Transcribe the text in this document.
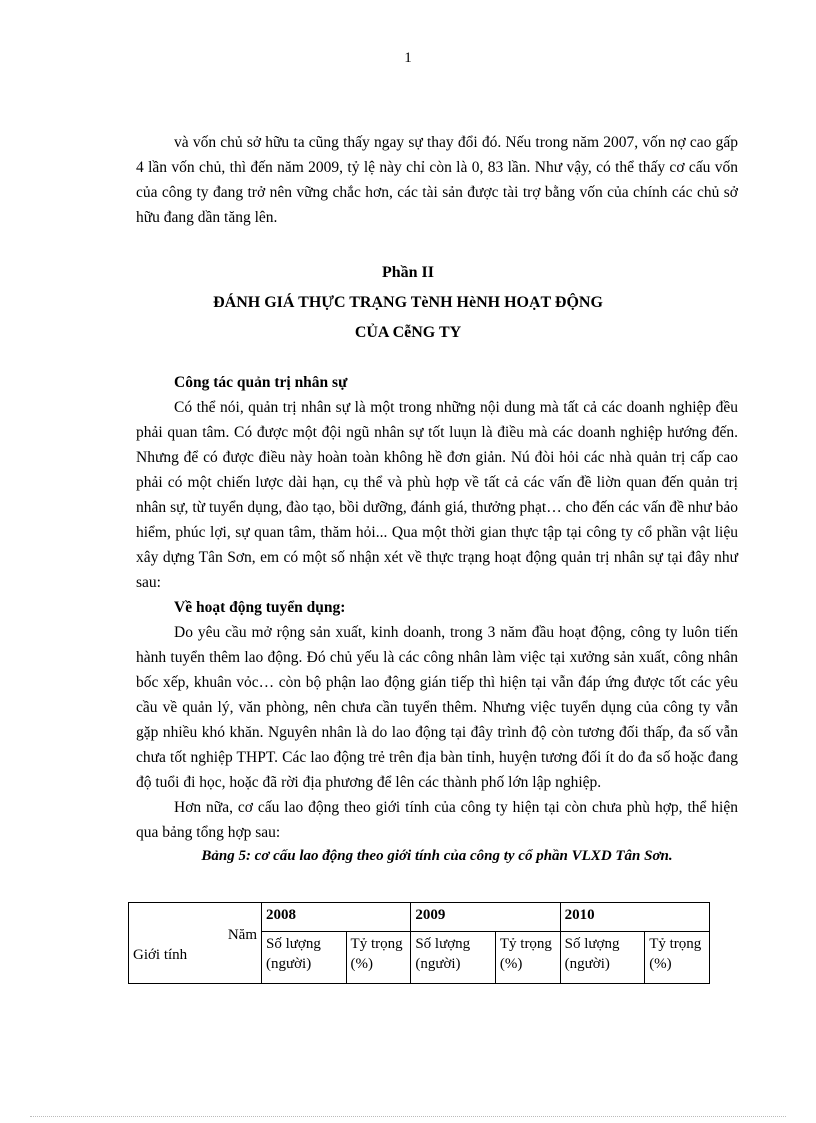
1

và vốn chủ sở hữu ta cũng thấy ngay sự thay đổi đó. Nếu trong năm 2007, vốn nợ cao gấp 4 lần vốn chủ, thì đến năm 2009, tỷ lệ này chỉ còn là 0, 83 lần. Như vậy, có thể thấy cơ cấu vốn của công ty đang trở nên vững chắc hơn, các tài sản được tài trợ bằng vốn của chính các chủ sở hữu đang dần tăng lên.

Phần II
ĐÁNH GIÁ THỰC TRẠNG TèNH HèNH HOẠT ĐỘNG
CỦA CễNG TY

Công tác quản trị nhân sự

Có thể nói, quản trị nhân sự là một trong những nội dung mà tất cả các doanh nghiệp đều phải quan tâm. Có được một đội ngũ nhân sự tốt luụn là điều mà các doanh nghiệp hướng đến. Nhưng để có được điều này hoàn toàn không hề đơn giản. Nú đòi hỏi các nhà quản trị cấp cao phải có một chiến lược dài hạn, cụ thể và phù hợp về tất cả các vấn đề liờn quan đến quản trị nhân sự, từ tuyển dụng, đào tạo, bồi dưỡng, đánh giá, thưởng phạt… cho đến các vấn đề như bảo hiểm, phúc lợi, sự quan tâm, thăm hỏi... Qua một thời gian thực tập tại công ty cổ phần vật liệu xây dựng Tân Sơn, em có một số nhận xét về thực trạng hoạt động quản trị nhân sự tại đây như sau:

Về hoạt động tuyển dụng:

Do yêu cầu mở rộng sản xuất, kinh doanh, trong 3 năm đầu hoạt động, công ty luôn tiến hành tuyển thêm lao động. Đó chủ yếu là các công nhân làm việc tại xưởng sản xuất, công nhân bốc xếp, khuân vỏc… còn bộ phận lao động gián tiếp thì hiện tại vẫn đáp ứng được tốt các yêu cầu về quản lý, văn phòng, nên chưa cần tuyển thêm. Nhưng việc tuyển dụng của công ty vẫn gặp nhiều khó khăn. Nguyên nhân là do lao động tại đây trình độ còn tương đối thấp, đa số vẫn chưa tốt nghiệp THPT. Các lao động trẻ trên địa bàn tỉnh, huyện tương đối ít do đa số hoặc đang độ tuổi đi học, hoặc đã rời địa phương để lên các thành phố lớn lập nghiệp.

Hơn nữa, cơ cấu lao động theo giới tính của công ty hiện tại còn chưa phù hợp, thể hiện qua bảng tổng hợp sau:

Bảng 5: cơ cấu lao động theo giới tính của công ty cổ phần VLXD Tân Sơn.

Năm
Giới tính	2008		2009		2010	
	Số lượng (người)	Tỷ trọng (%)	Số lượng (người)	Tỷ trọng (%)	Số lượng (người)	Tỷ trọng (%)
